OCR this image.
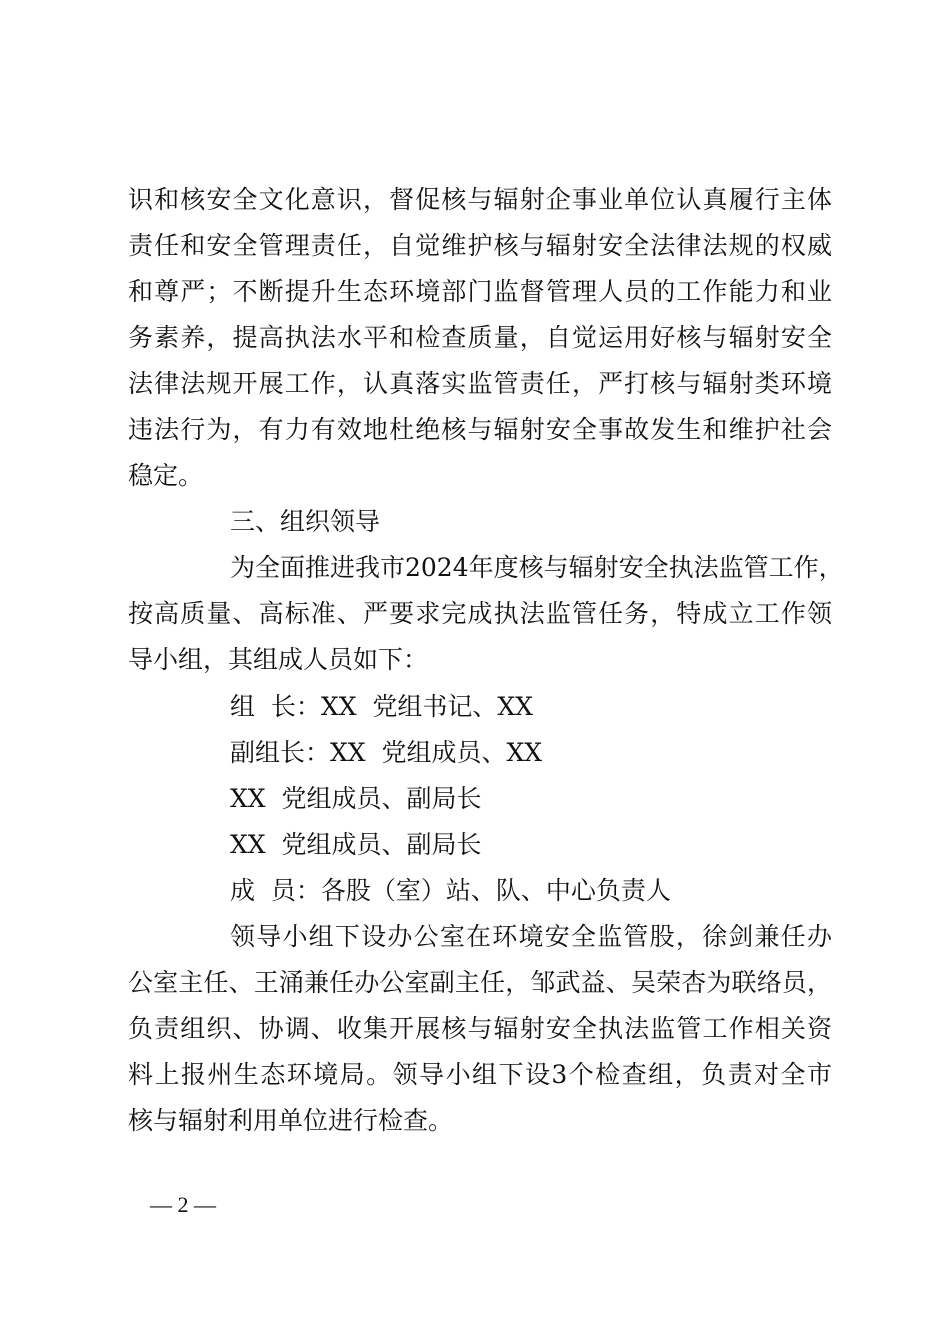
识和核安全文化意识，督促核与辐射企事业单位认真履行主体
责任和安全管理责任，自觉维护核与辐射安全法律法规的权威
和尊严；不断提升生态环境部门监督管理人员的工作能力和业
务素养，提高执法水平和检查质量，自觉运用好核与辐射安全
法律法规开展工作，认真落实监管责任，严打核与辐射类环境
违法行为，有力有效地杜绝核与辐射安全事故发生和维护社会
稳定。
三、组织领导
为全面推进我市2024年度核与辐射安全执法监管工作，
按高质量、高标准、严要求完成执法监管任务，特成立工作领
导小组，其组成人员如下：
组  长：XX  党组书记、XX
副组长：XX  党组成员、XX
XX  党组成员、副局长
XX  党组成员、副局长
成  员：各股（室）站、队、中心负责人
领导小组下设办公室在环境安全监管股，徐剑兼任办
公室主任、王涌兼任办公室副主任，邹武益、吴荣杏为联络员，
负责组织、协调、收集开展核与辐射安全执法监管工作相关资
料上报州生态环境局。领导小组下设3个检查组，负责对全市
核与辐射利用单位进行检查。
— 2 —
